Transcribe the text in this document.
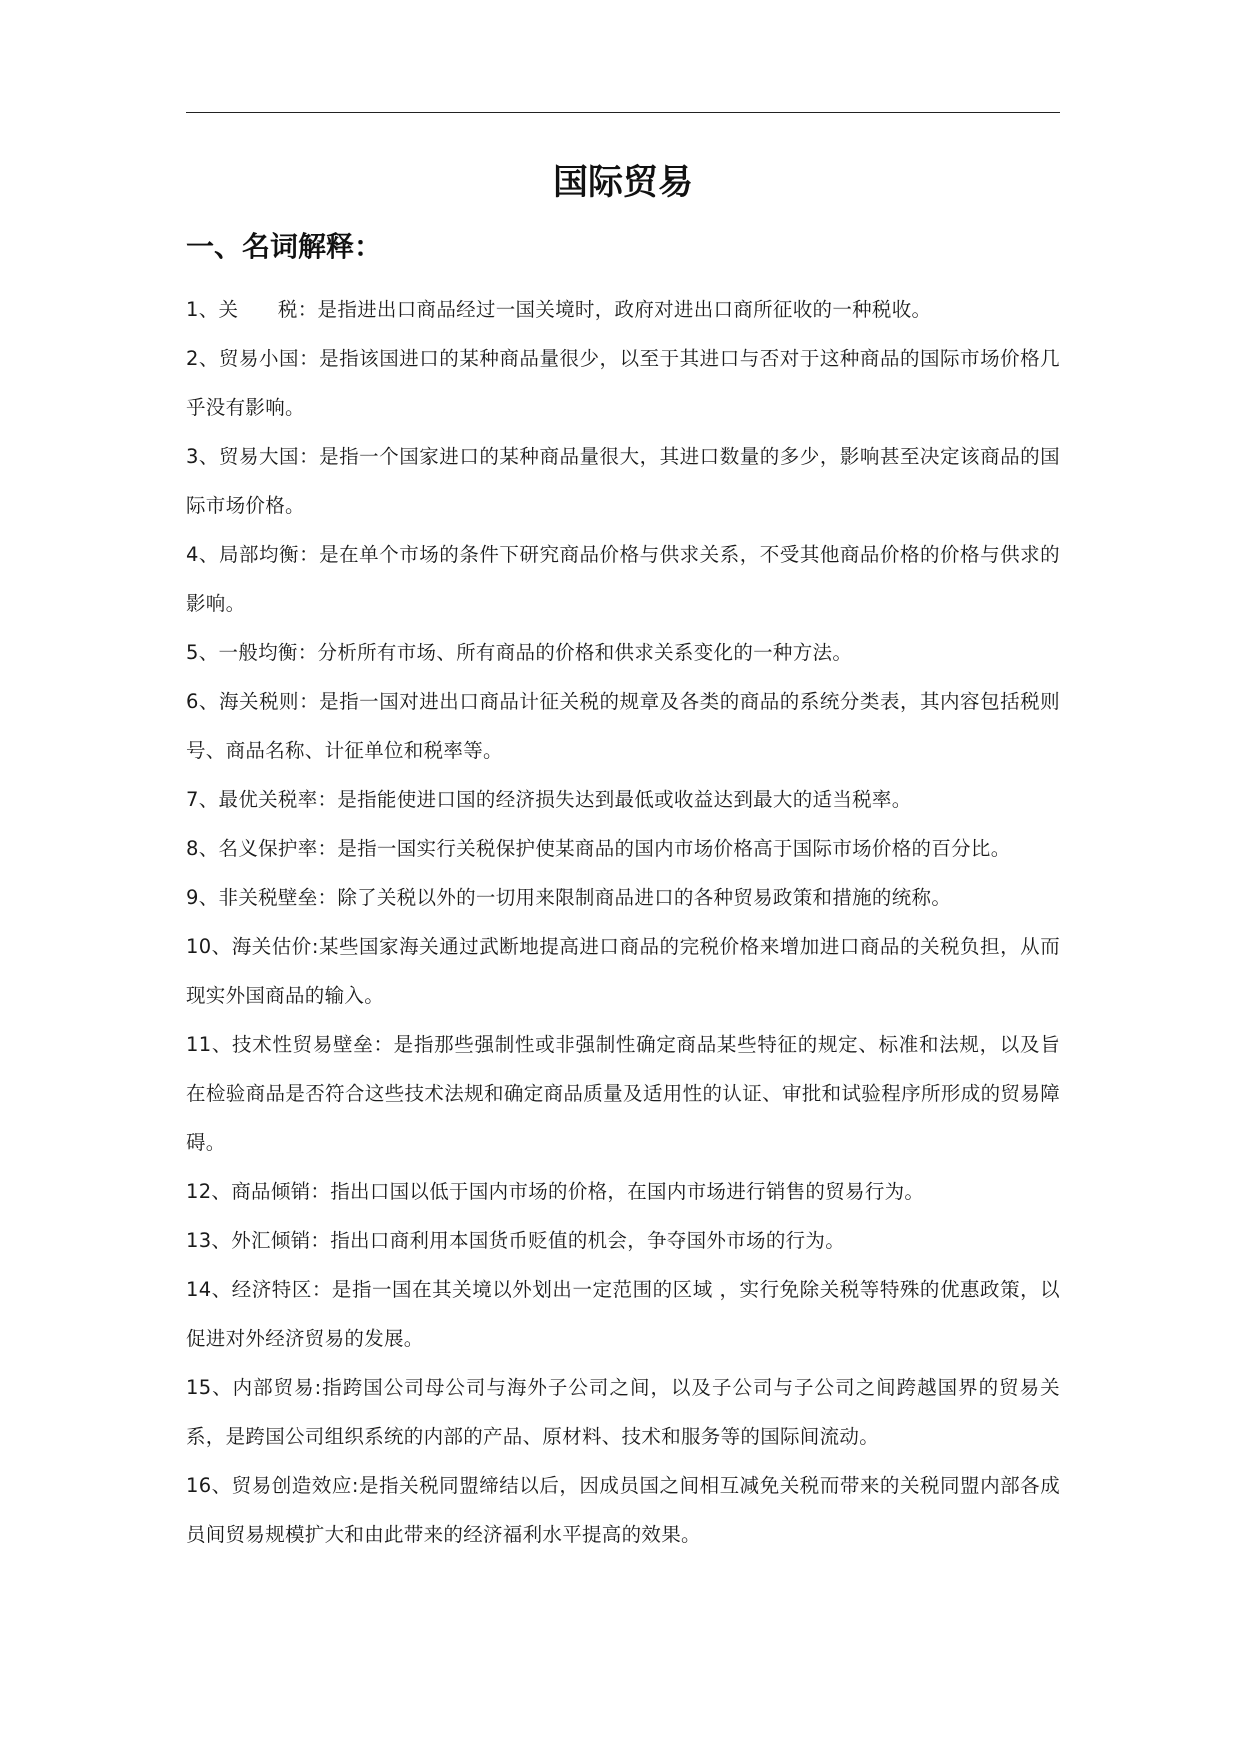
国际贸易
一、名词解释：
1、关　　税：是指进出口商品经过一国关境时，政府对进出口商所征收的一种税收。
2、贸易小国：是指该国进口的某种商品量很少，以至于其进口与否对于这种商品的国际市场价格几乎没有影响。
3、贸易大国：是指一个国家进口的某种商品量很大，其进口数量的多少，影响甚至决定该商品的国际市场价格。
4、局部均衡：是在单个市场的条件下研究商品价格与供求关系，不受其他商品价格的价格与供求的影响。
5、一般均衡：分析所有市场、所有商品的价格和供求关系变化的一种方法。
6、海关税则：是指一国对进出口商品计征关税的规章及各类的商品的系统分类表，其内容包括税则号、商品名称、计征单位和税率等。
7、最优关税率：是指能使进口国的经济损失达到最低或收益达到最大的适当税率。
8、名义保护率：是指一国实行关税保护使某商品的国内市场价格高于国际市场价格的百分比。
9、非关税壁垒：除了关税以外的一切用来限制商品进口的各种贸易政策和措施的统称。
10、海关估价:某些国家海关通过武断地提高进口商品的完税价格来增加进口商品的关税负担，从而现实外国商品的输入。
11、技术性贸易壁垒：是指那些强制性或非强制性确定商品某些特征的规定、标准和法规，以及旨在检验商品是否符合这些技术法规和确定商品质量及适用性的认证、审批和试验程序所形成的贸易障碍。
12、商品倾销：指出口国以低于国内市场的价格，在国内市场进行销售的贸易行为。
13、外汇倾销：指出口商利用本国货币贬值的机会，争夺国外市场的行为。
14、经济特区：是指一国在其关境以外划出一定范围的区域 ，实行免除关税等特殊的优惠政策，以促进对外经济贸易的发展。
15、内部贸易:指跨国公司母公司与海外子公司之间，以及子公司与子公司之间跨越国界的贸易关系，是跨国公司组织系统的内部的产品、原材料、技术和服务等的国际间流动。
16、贸易创造效应:是指关税同盟缔结以后，因成员国之间相互减免关税而带来的关税同盟内部各成员间贸易规模扩大和由此带来的经济福利水平提高的效果。
